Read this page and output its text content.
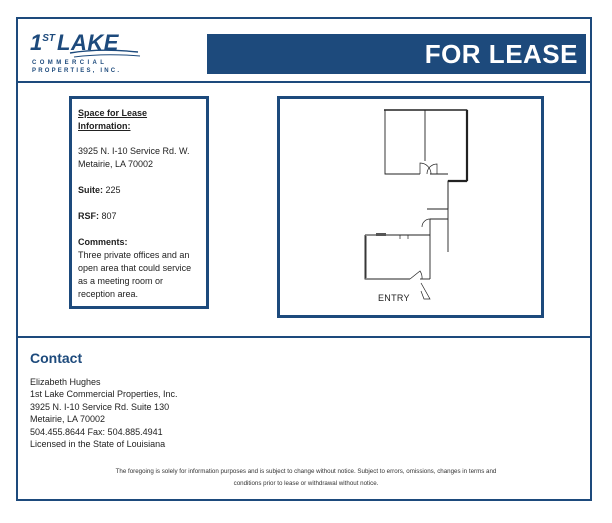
1STLAKE
COMMERCIAL
PROPERTIES, INC.
FOR LEASE
Space for Lease Information:

3925 N. I-10 Service Rd. W.

Metairie, LA 70002

Suite: 225

RSF: 807

Comments:

Three private offices and an

open area that could service

as a meeting room or

reception area.	ENTRY
Contact
Elizabeth Hughes
1st Lake Commercial Properties, Inc.
3925 N. I-10 Service Rd. Suite 130
Metairie, LA 70002
504.455.8644 Fax: 504.885.4941
Licensed in the State of Louisiana
The foregoing is solely for information purposes and is subject to change without notice. Subject to errors, omissions, changes in terms and
conditions prior to lease or withdrawal without notice.
